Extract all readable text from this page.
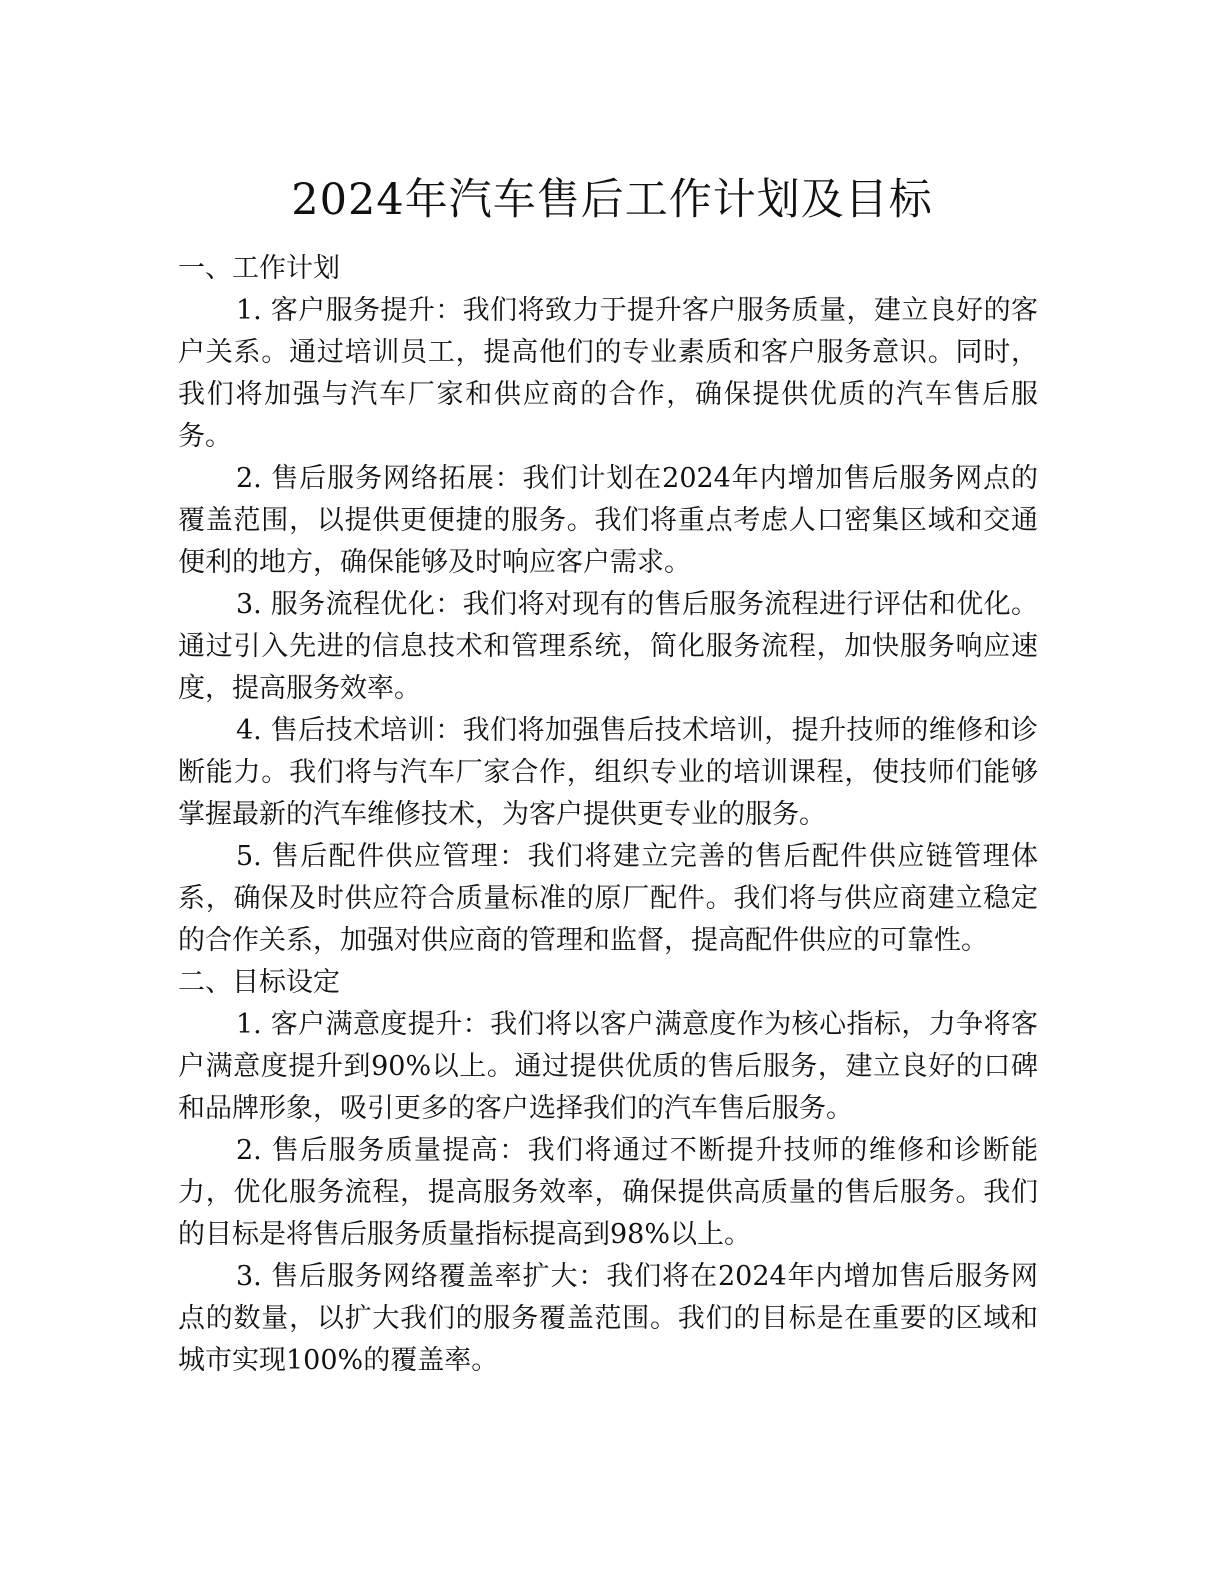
2024年汽车售后工作计划及目标

一、工作计划

1. 客户服务提升：我们将致力于提升客户服务质量，建立良好的客户关系。通过培训员工，提高他们的专业素质和客户服务意识。同时，我们将加强与汽车厂家和供应商的合作，确保提供优质的汽车售后服务。

2. 售后服务网络拓展：我们计划在2024年内增加售后服务网点的覆盖范围，以提供更便捷的服务。我们将重点考虑人口密集区域和交通便利的地方，确保能够及时响应客户需求。

3. 服务流程优化：我们将对现有的售后服务流程进行评估和优化。通过引入先进的信息技术和管理系统，简化服务流程，加快服务响应速度，提高服务效率。

4. 售后技术培训：我们将加强售后技术培训，提升技师的维修和诊断能力。我们将与汽车厂家合作，组织专业的培训课程，使技师们能够掌握最新的汽车维修技术，为客户提供更专业的服务。

5. 售后配件供应管理：我们将建立完善的售后配件供应链管理体系，确保及时供应符合质量标准的原厂配件。我们将与供应商建立稳定的合作关系，加强对供应商的管理和监督，提高配件供应的可靠性。

二、目标设定

1. 客户满意度提升：我们将以客户满意度作为核心指标，力争将客户满意度提升到90%以上。通过提供优质的售后服务，建立良好的口碑和品牌形象，吸引更多的客户选择我们的汽车售后服务。

2. 售后服务质量提高：我们将通过不断提升技师的维修和诊断能力，优化服务流程，提高服务效率，确保提供高质量的售后服务。我们的目标是将售后服务质量指标提高到98%以上。

3. 售后服务网络覆盖率扩大：我们将在2024年内增加售后服务网点的数量，以扩大我们的服务覆盖范围。我们的目标是在重要的区域和城市实现100%的覆盖率。
